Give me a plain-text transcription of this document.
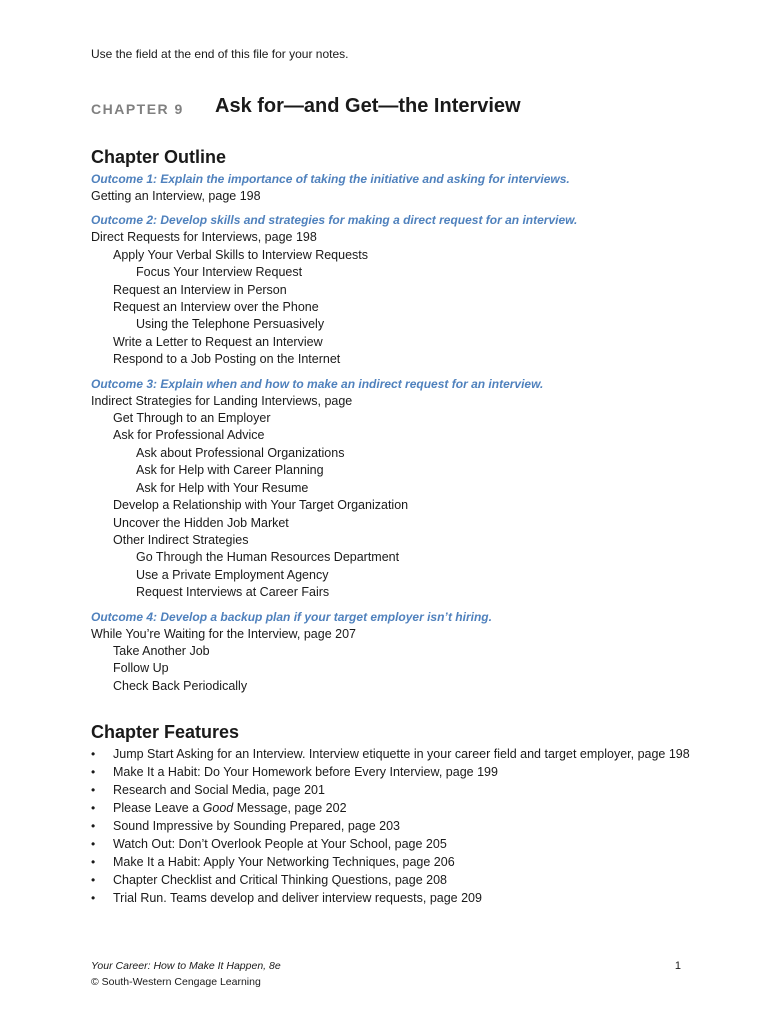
Use the field at the end of this file for your notes.
CHAPTER 9 Ask for—and Get—the Interview
Chapter Outline
Outcome 1: Explain the importance of taking the initiative and asking for interviews.
Getting an Interview, page 198
Outcome 2: Develop skills and strategies for making a direct request for an interview.
Direct Requests for Interviews, page 198
Apply Your Verbal Skills to Interview Requests
Focus Your Interview Request
Request an Interview in Person
Request an Interview over the Phone
Using the Telephone Persuasively
Write a Letter to Request an Interview
Respond to a Job Posting on the Internet
Outcome 3: Explain when and how to make an indirect request for an interview.
Indirect Strategies for Landing Interviews, page
Get Through to an Employer
Ask for Professional Advice
Ask about Professional Organizations
Ask for Help with Career Planning
Ask for Help with Your Resume
Develop a Relationship with Your Target Organization
Uncover the Hidden Job Market
Other Indirect Strategies
Go Through the Human Resources Department
Use a Private Employment Agency
Request Interviews at Career Fairs
Outcome 4: Develop a backup plan if your target employer isn’t hiring.
While You’re Waiting for the Interview, page 207
Take Another Job
Follow Up
Check Back Periodically
Chapter Features
• Jump Start Asking for an Interview. Interview etiquette in your career field and target employer, page 198
• Make It a Habit: Do Your Homework before Every Interview, page 199
• Research and Social Media, page 201
• Please Leave a Good Message, page 202
• Sound Impressive by Sounding Prepared, page 203
• Watch Out: Don’t Overlook People at Your School, page 205
• Make It a Habit: Apply Your Networking Techniques, page 206
• Chapter Checklist and Critical Thinking Questions, page 208
• Trial Run. Teams develop and deliver interview requests, page 209
Your Career: How to Make It Happen, 8e
© South-Western Cengage Learning
1
